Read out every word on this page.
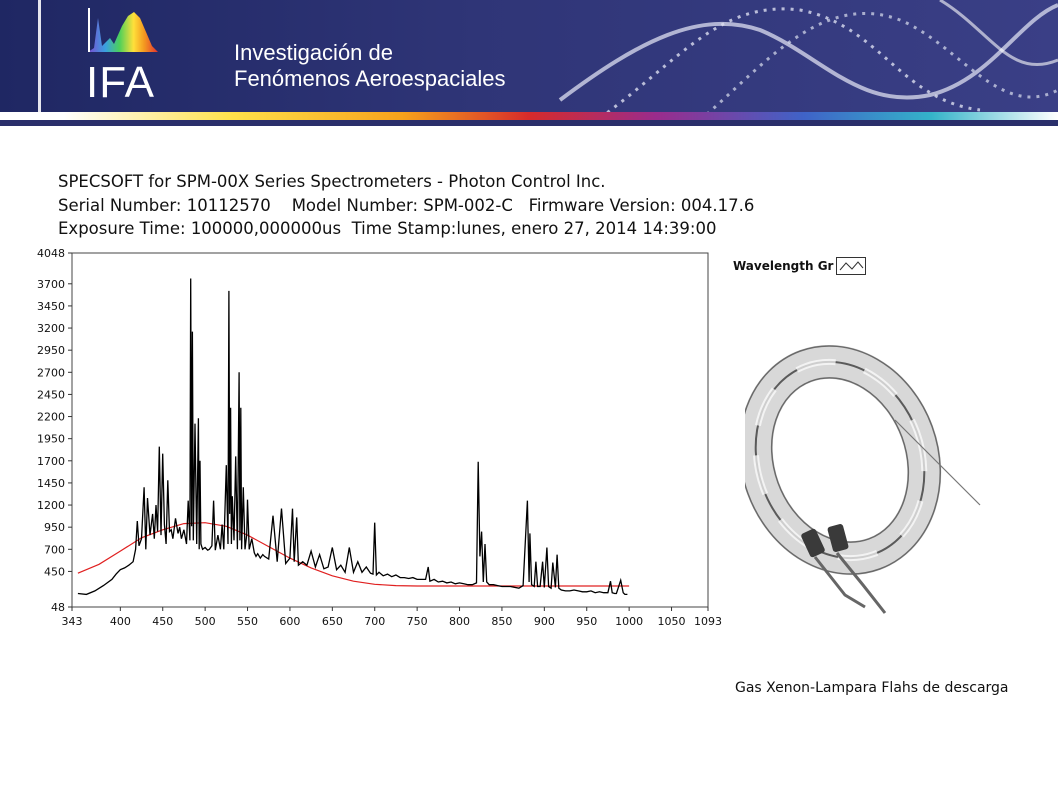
IFA
Investigación de
Fenómenos Aeroespaciales
SPECSOFT for SPM-00X Series Spectrometers - Photon Control Inc.
Serial Number: 10112570    Model Number: SPM-002-C   Firmware Version: 004.17.6
Exposure Time: 100000,000000us  Time Stamp:lunes, enero 27, 2014 14:39:00
48
450
700
950
1200
1450
1700
1950
2200
2450
2700
2950
3200
3450
3700
4048
343 400 450 500 550 600 650 700 750 800 850 900 950 1000 1050 1093
Wavelength Gr
Gas Xenon-Lampara Flahs de descarga
